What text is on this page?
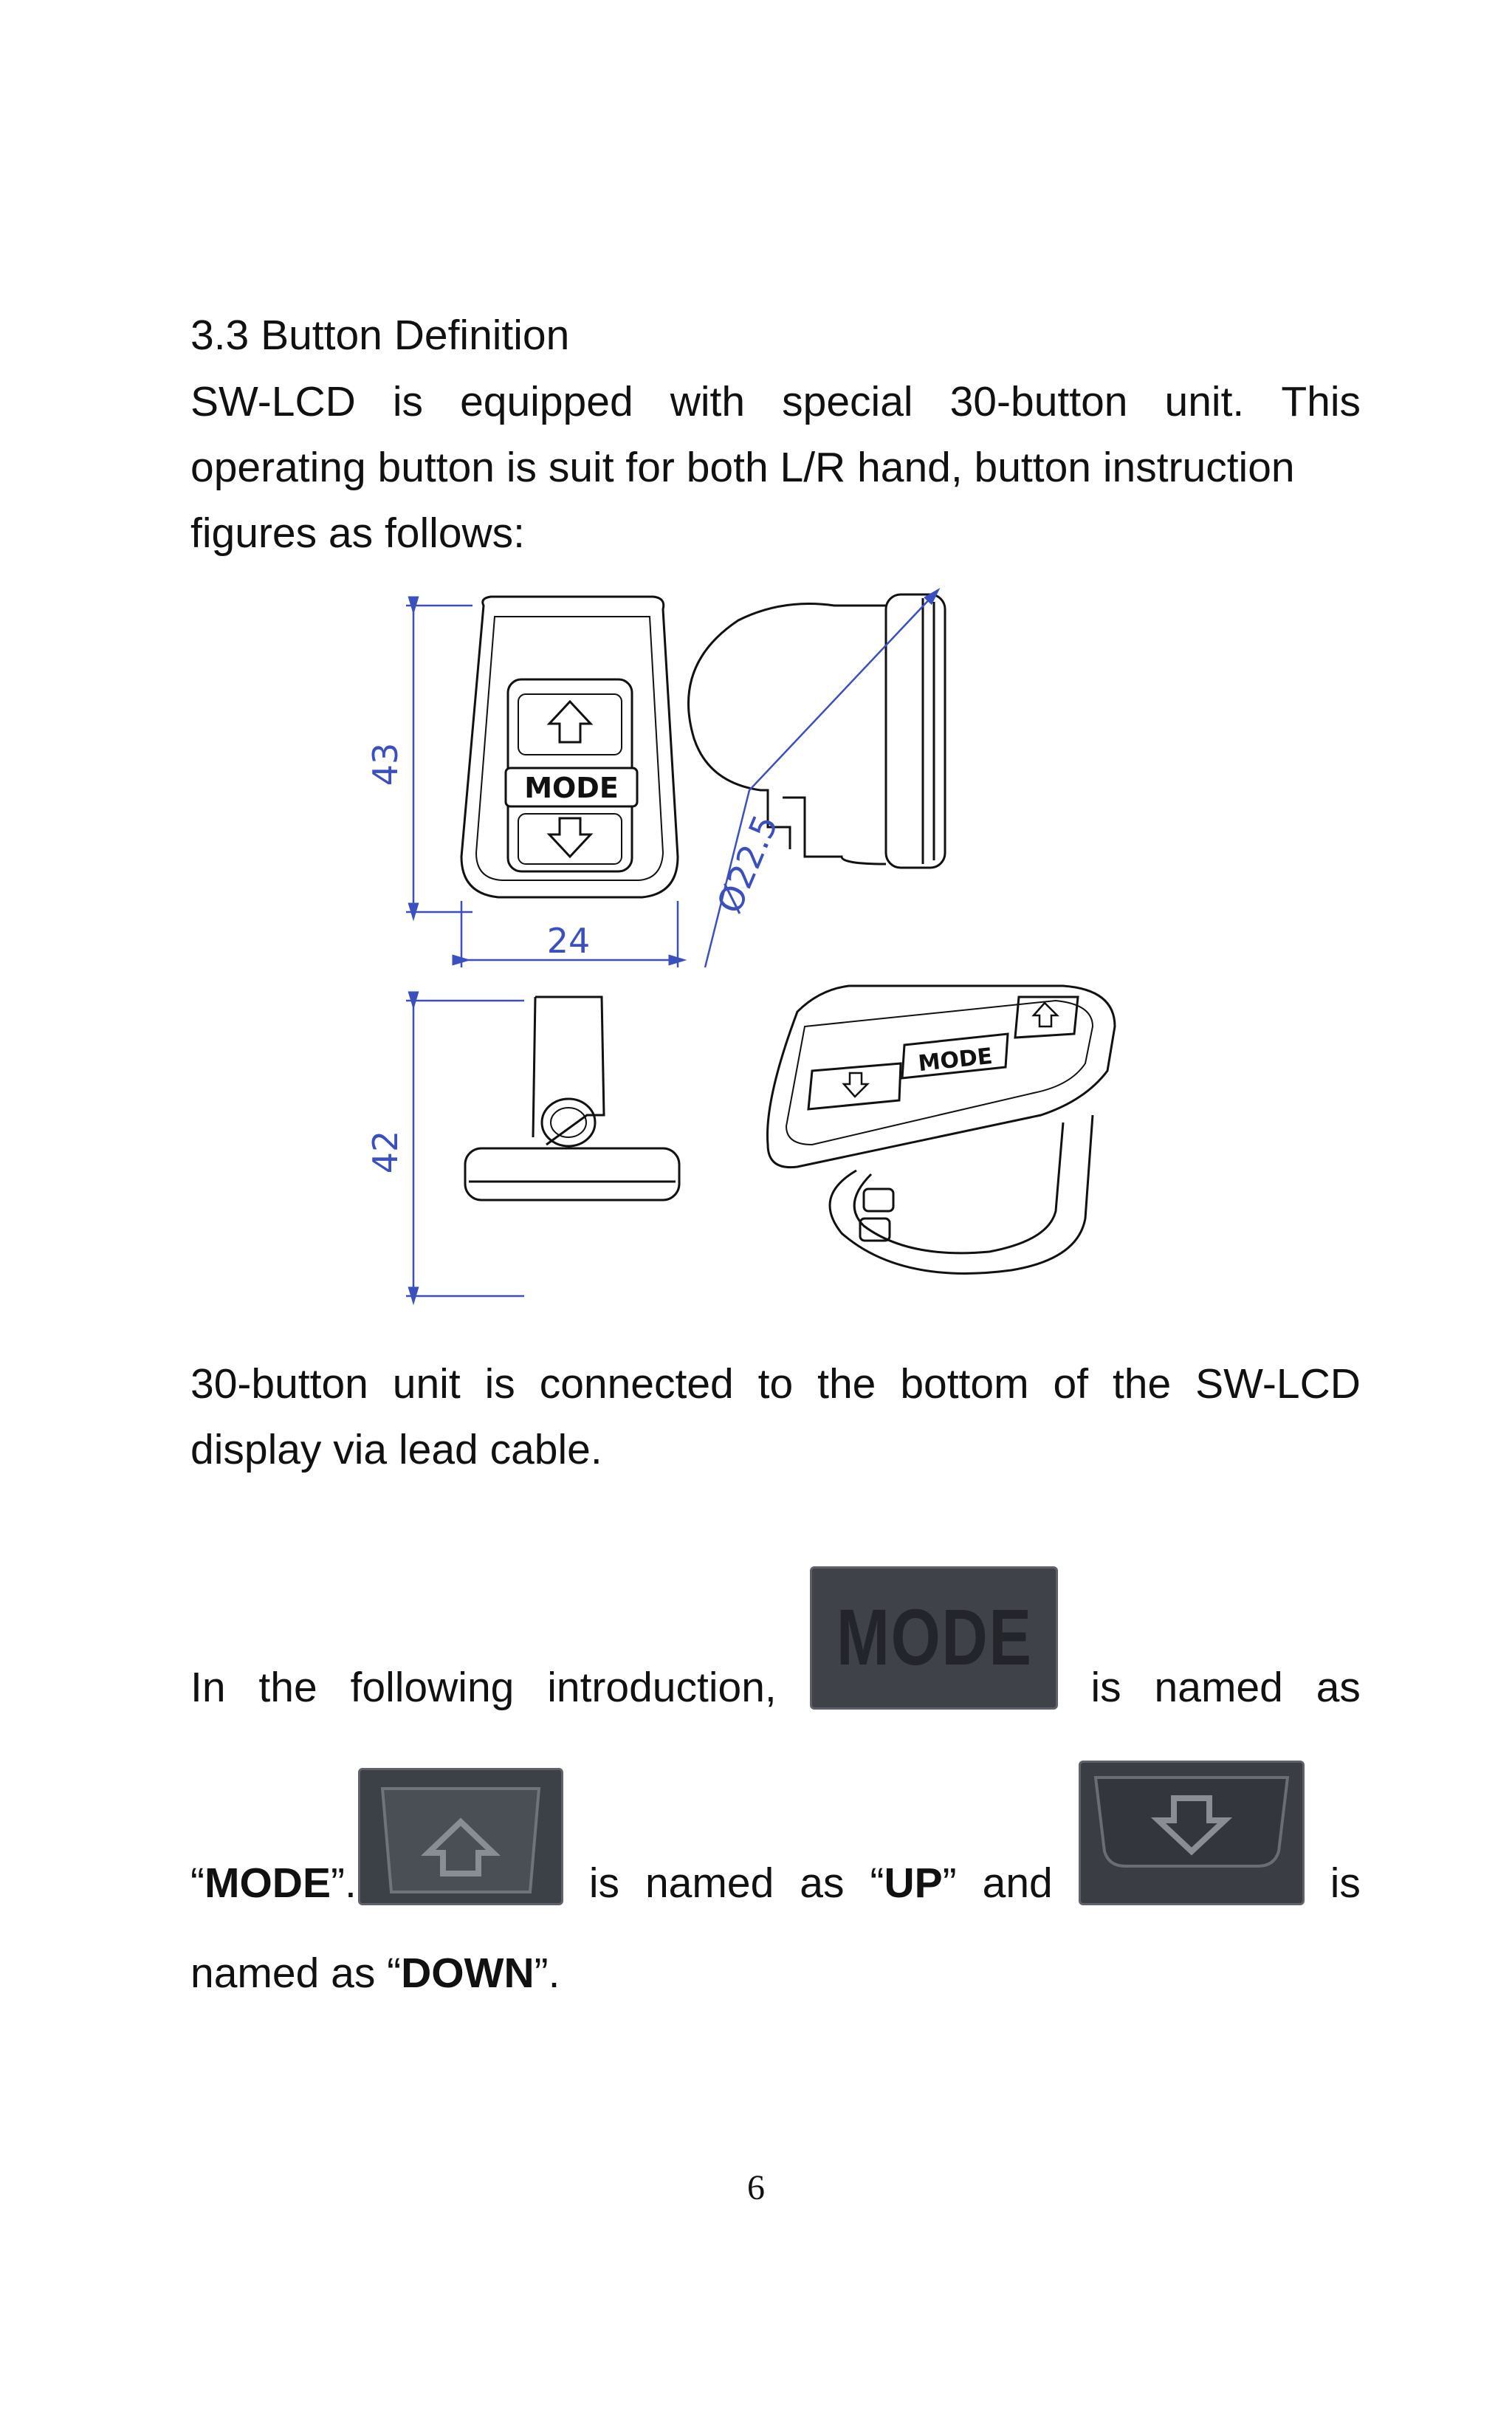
3.3 Button Definition
SW-LCD is equipped with special 30-button unit. This
operating button is suit for both L/R hand, button instruction
figures as follows:
MODE
43
24
Ø22.5
42
MODE
30-button unit is connected to the bottom of the SW-LCD
display via lead cable.
In the following introduction,
MODE
is named as
“ MODE ”.	is named as “UP” and	is
named as “DOWN”.
6
